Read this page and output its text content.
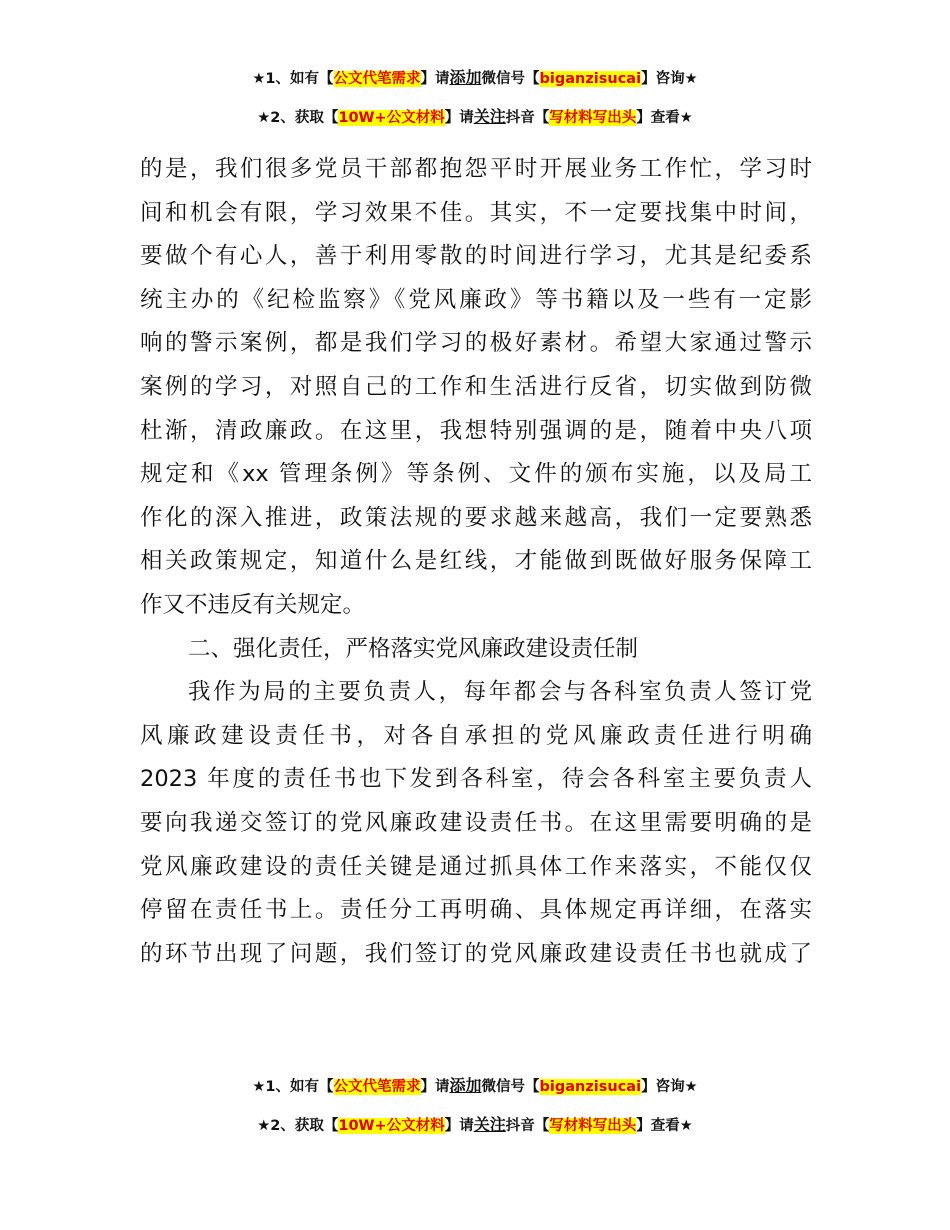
★1、如有【公文代笔需求】请添加微信号【biganzisucai】咨询★
★2、获取【10W+公文材料】请关注抖音【写材料写出头】查看★
的是，我们很多党员干部都抱怨平时开展业务工作忙，学习时
间和机会有限，学习效果不佳。其实，不一定要找集中时间，
要做个有心人，善于利用零散的时间进行学习，尤其是纪委系
统主办的《纪检监察》《党风廉政》等书籍以及一些有一定影
响的警示案例，都是我们学习的极好素材。希望大家通过警示
案例的学习，对照自己的工作和生活进行反省，切实做到防微
杜渐，清政廉政。在这里，我想特别强调的是，随着中央八项
规定和《xx 管理条例》等条例、文件的颁布实施，以及局工
作化的深入推进，政策法规的要求越来越高，我们一定要熟悉
相关政策规定，知道什么是红线，才能做到既做好服务保障工
作又不违反有关规定。
二、强化责任，严格落实党风廉政建设责任制
我作为局的主要负责人，每年都会与各科室负责人签订党
风廉政建设责任书，对各自承担的党风廉政责任进行明确
2023 年度的责任书也下发到各科室，待会各科室主要负责人
要向我递交签订的党风廉政建设责任书。在这里需要明确的是
党风廉政建设的责任关键是通过抓具体工作来落实，不能仅仅
停留在责任书上。责任分工再明确、具体规定再详细，在落实
的环节出现了问题，我们签订的党风廉政建设责任书也就成了
★1、如有【公文代笔需求】请添加微信号【biganzisucai】咨询★
★2、获取【10W+公文材料】请关注抖音【写材料写出头】查看★
